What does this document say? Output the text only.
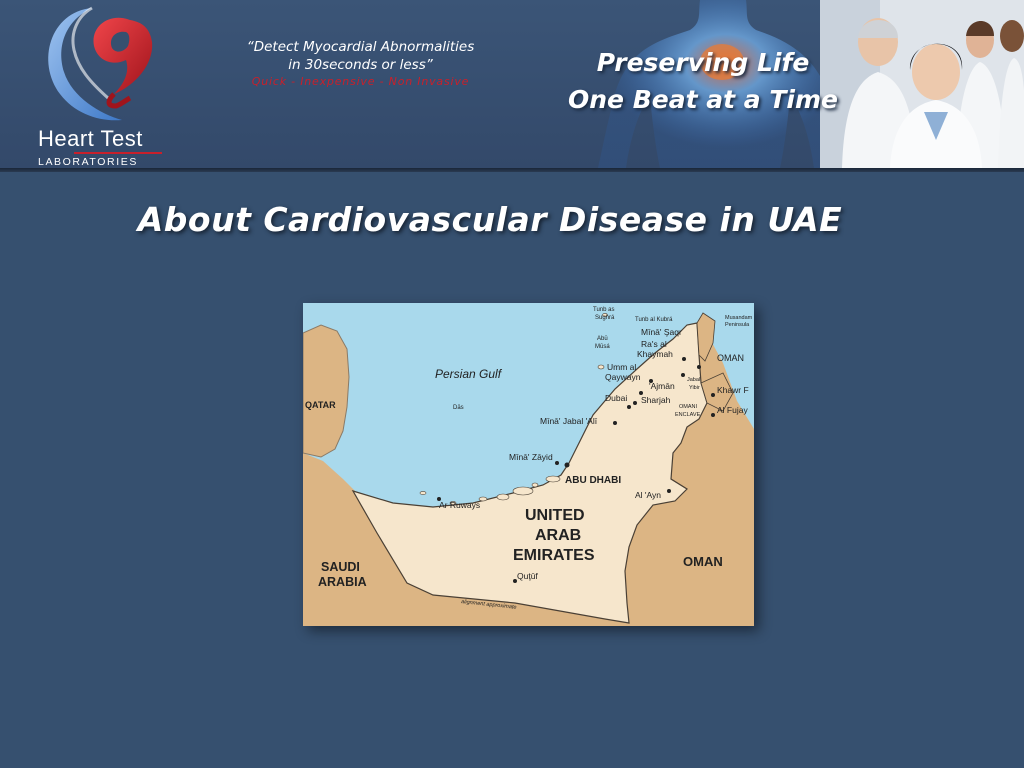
Heart Test
LABORATORIES
“Detect Myocardial Abnormalities
in 30seconds or less”
Quick - Inexpensive - Non Invasive
Preserving Life
One Beat at a Time
About Cardiovascular Disease in UAE
Persian Gulf
QATAR
OMAN
OMAN
SAUDI
ARABIA
UNITED
ARAB
EMIRATES
OMANI
ENCLAVE
Tunb as
Sughrá	Tunb al Kubrá
Abū
Mūsá
Mīnā' Şaqr
Ra's al
Khaymah
Musandam
Peninsula
Umm al
Qaywayn
'Ajmān
Sharjah
Dubai
Jabal
Yibir Khawr F
Al Fujay
Dās
Mīnā' Jabal 'Alī
Mīnā' Zāyid
ABU DHABI
Al 'Ayn
Ar Ruways
Quţūf
alignment approximate
